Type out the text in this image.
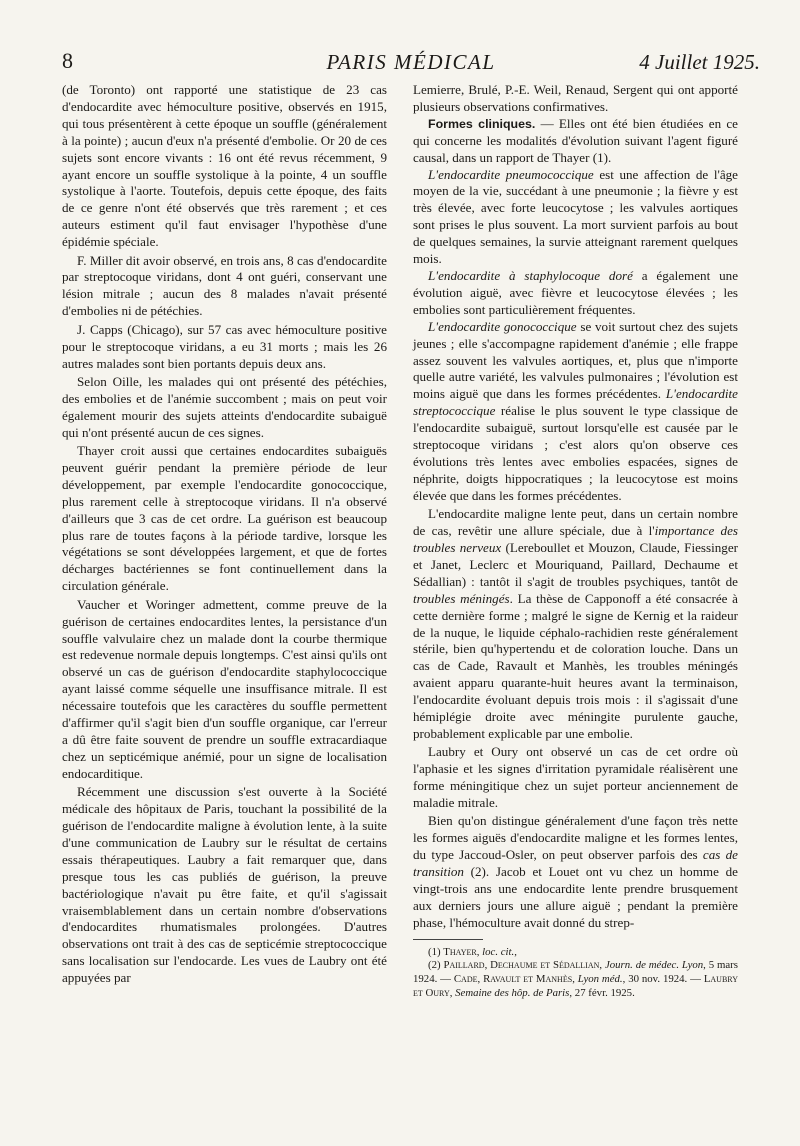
8	PARIS MÉDICAL	4 Juillet 1925.

(de Toronto) ont rapporté une statistique de 23 cas d'endocardite avec hémoculture positive, observés en 1915, qui tous présentèrent à cette époque un souffle (généralement à la pointe) ; aucun d'eux n'a présenté d'embolie. Or 20 de ces sujets sont encore vivants : 16 ont été revus récemment, 9 ayant encore un souffle systolique à la pointe, 4 un souffle systolique à l'aorte. Toutefois, depuis cette époque, des faits de ce genre n'ont été observés que très rarement ; et ces auteurs estiment qu'il faut envisager l'hypothèse d'une épidémie spéciale.

F. Miller dit avoir observé, en trois ans, 8 cas d'endocardite par streptocoque viridans, dont 4 ont guéri, conservant une lésion mitrale ; aucun des 8 malades n'avait présenté d'embolies ni de pétéchies.

J. Capps (Chicago), sur 57 cas avec hémoculture positive pour le streptocoque viridans, a eu 31 morts ; mais les 26 autres malades sont bien portants depuis deux ans.

Selon Oille, les malades qui ont présenté des pétéchies, des embolies et de l'anémie succombent ; mais on peut voir également mourir des sujets atteints d'endocardite subaiguë qui n'ont présenté aucun de ces signes.

Thayer croit aussi que certaines endocardites subaiguës peuvent guérir pendant la première période de leur développement, par exemple l'endocardite gonococcique, plus rarement celle à streptocoque viridans. Il n'a observé d'ailleurs que 3 cas de cet ordre. La guérison est beaucoup plus rare de toutes façons à la période tardive, lorsque les végétations se sont développées largement, et que de fortes décharges bactériennes se font continuellement dans la circulation générale.

Vaucher et Woringer admettent, comme preuve de la guérison de certaines endocardites lentes, la persistance d'un souffle valvulaire chez un malade dont la courbe thermique est redevenue normale depuis longtemps. C'est ainsi qu'ils ont observé un cas de guérison d'endocardite staphylococcique ayant laissé comme séquelle une insuffisance mitrale. Il est nécessaire toutefois que les caractères du souffle permettent d'affirmer qu'il s'agit bien d'un souffle organique, car l'erreur a dû être faite souvent de prendre un souffle extracardiaque chez un septicémique anémié, pour un signe de localisation endocarditique.

Récemment une discussion s'est ouverte à la Société médicale des hôpitaux de Paris, touchant la possibilité de la guérison de l'endocardite maligne à évolution lente, à la suite d'une communication de Laubry sur le résultat de certains essais thérapeutiques. Laubry a fait remarquer que, dans presque tous les cas publiés de guérison, la preuve bactériologique n'avait pu être faite, et qu'il s'agissait vraisemblablement dans un certain nombre d'observations d'endocardites rhumatismales prolongées. D'autres observations ont trait à des cas de septicémie streptococcique sans localisation sur l'endocarde. Les vues de Laubry ont été appuyées par

Lemierre, Brulé, P.-E. Weil, Renaud, Sergent qui ont apporté plusieurs observations confirmatives.

Formes cliniques. — Elles ont été bien étudiées en ce qui concerne les modalités d'évolution suivant l'agent figuré causal, dans un rapport de Thayer (1).

L'endocardite pneumococcique est une affection de l'âge moyen de la vie, succédant à une pneumonie ; la fièvre y est très élevée, avec forte leucocytose ; les valvules aortiques sont prises le plus souvent. La mort survient parfois au bout de quelques semaines, la survie atteignant rarement quelques mois.

L'endocardite à staphylocoque doré a également une évolution aiguë, avec fièvre et leucocytose élevées ; les embolies sont particulièrement fréquentes.

L'endocardite gonococcique se voit surtout chez des sujets jeunes ; elle s'accompagne rapidement d'anémie ; elle frappe assez souvent les valvules aortiques, et, plus que n'importe quelle autre variété, les valvules pulmonaires ; l'évolution est moins aiguë que dans les formes précédentes. L'endocardite streptococcique réalise le plus souvent le type classique de l'endocardite subaiguë, surtout lorsqu'elle est causée par le streptocoque viridans ; c'est alors qu'on observe ces évolutions très lentes avec embolies espacées, signes de néphrite, doigts hippocratiques ; la leucocytose est moins élevée que dans les formes précédentes.

L'endocardite maligne lente peut, dans un certain nombre de cas, revêtir une allure spéciale, due à l'importance des troubles nerveux (Lereboullet et Mouzon, Claude, Fiessinger et Janet, Leclerc et Mouriquand, Paillard, Dechaume et Sédallian) : tantôt il s'agit de troubles psychiques, tantôt de troubles méningés. La thèse de Capponoff a été consacrée à cette dernière forme ; malgré le signe de Kernig et la raideur de la nuque, le liquide céphalo-rachidien reste généralement stérile, bien qu'hypertendu et de coloration louche. Dans un cas de Cade, Ravault et Manhès, les troubles méningés avaient apparu quarante-huit heures avant la terminaison, l'endocardite évoluant depuis trois mois : il s'agissait d'une hémiplégie droite avec méningite purulente gauche, probablement explicable par une embolie.

Laubry et Oury ont observé un cas de cet ordre où l'aphasie et les signes d'irritation pyramidale réalisèrent une forme méningitique chez un sujet porteur anciennement de maladie mitrale.

Bien qu'on distingue généralement d'une façon très nette les formes aiguës d'endocardite maligne et les formes lentes, du type Jaccoud-Osler, on peut observer parfois des cas de transition (2). Jacob et Louet ont vu chez un homme de vingt-trois ans une endocardite lente prendre brusquement aux derniers jours une allure aiguë ; pendant la première phase, l'hémoculture avait donné du strep-

(1) Thayer, loc. cit.,

(2) Paillard, Dechaume et Sédallian, Journ. de médec. Lyon, 5 mars 1924. — Cade, Ravault et Manhès, Lyon méd., 30 nov. 1924. — Laubry et Oury, Semaine des hôp. de Paris, 27 févr. 1925.
